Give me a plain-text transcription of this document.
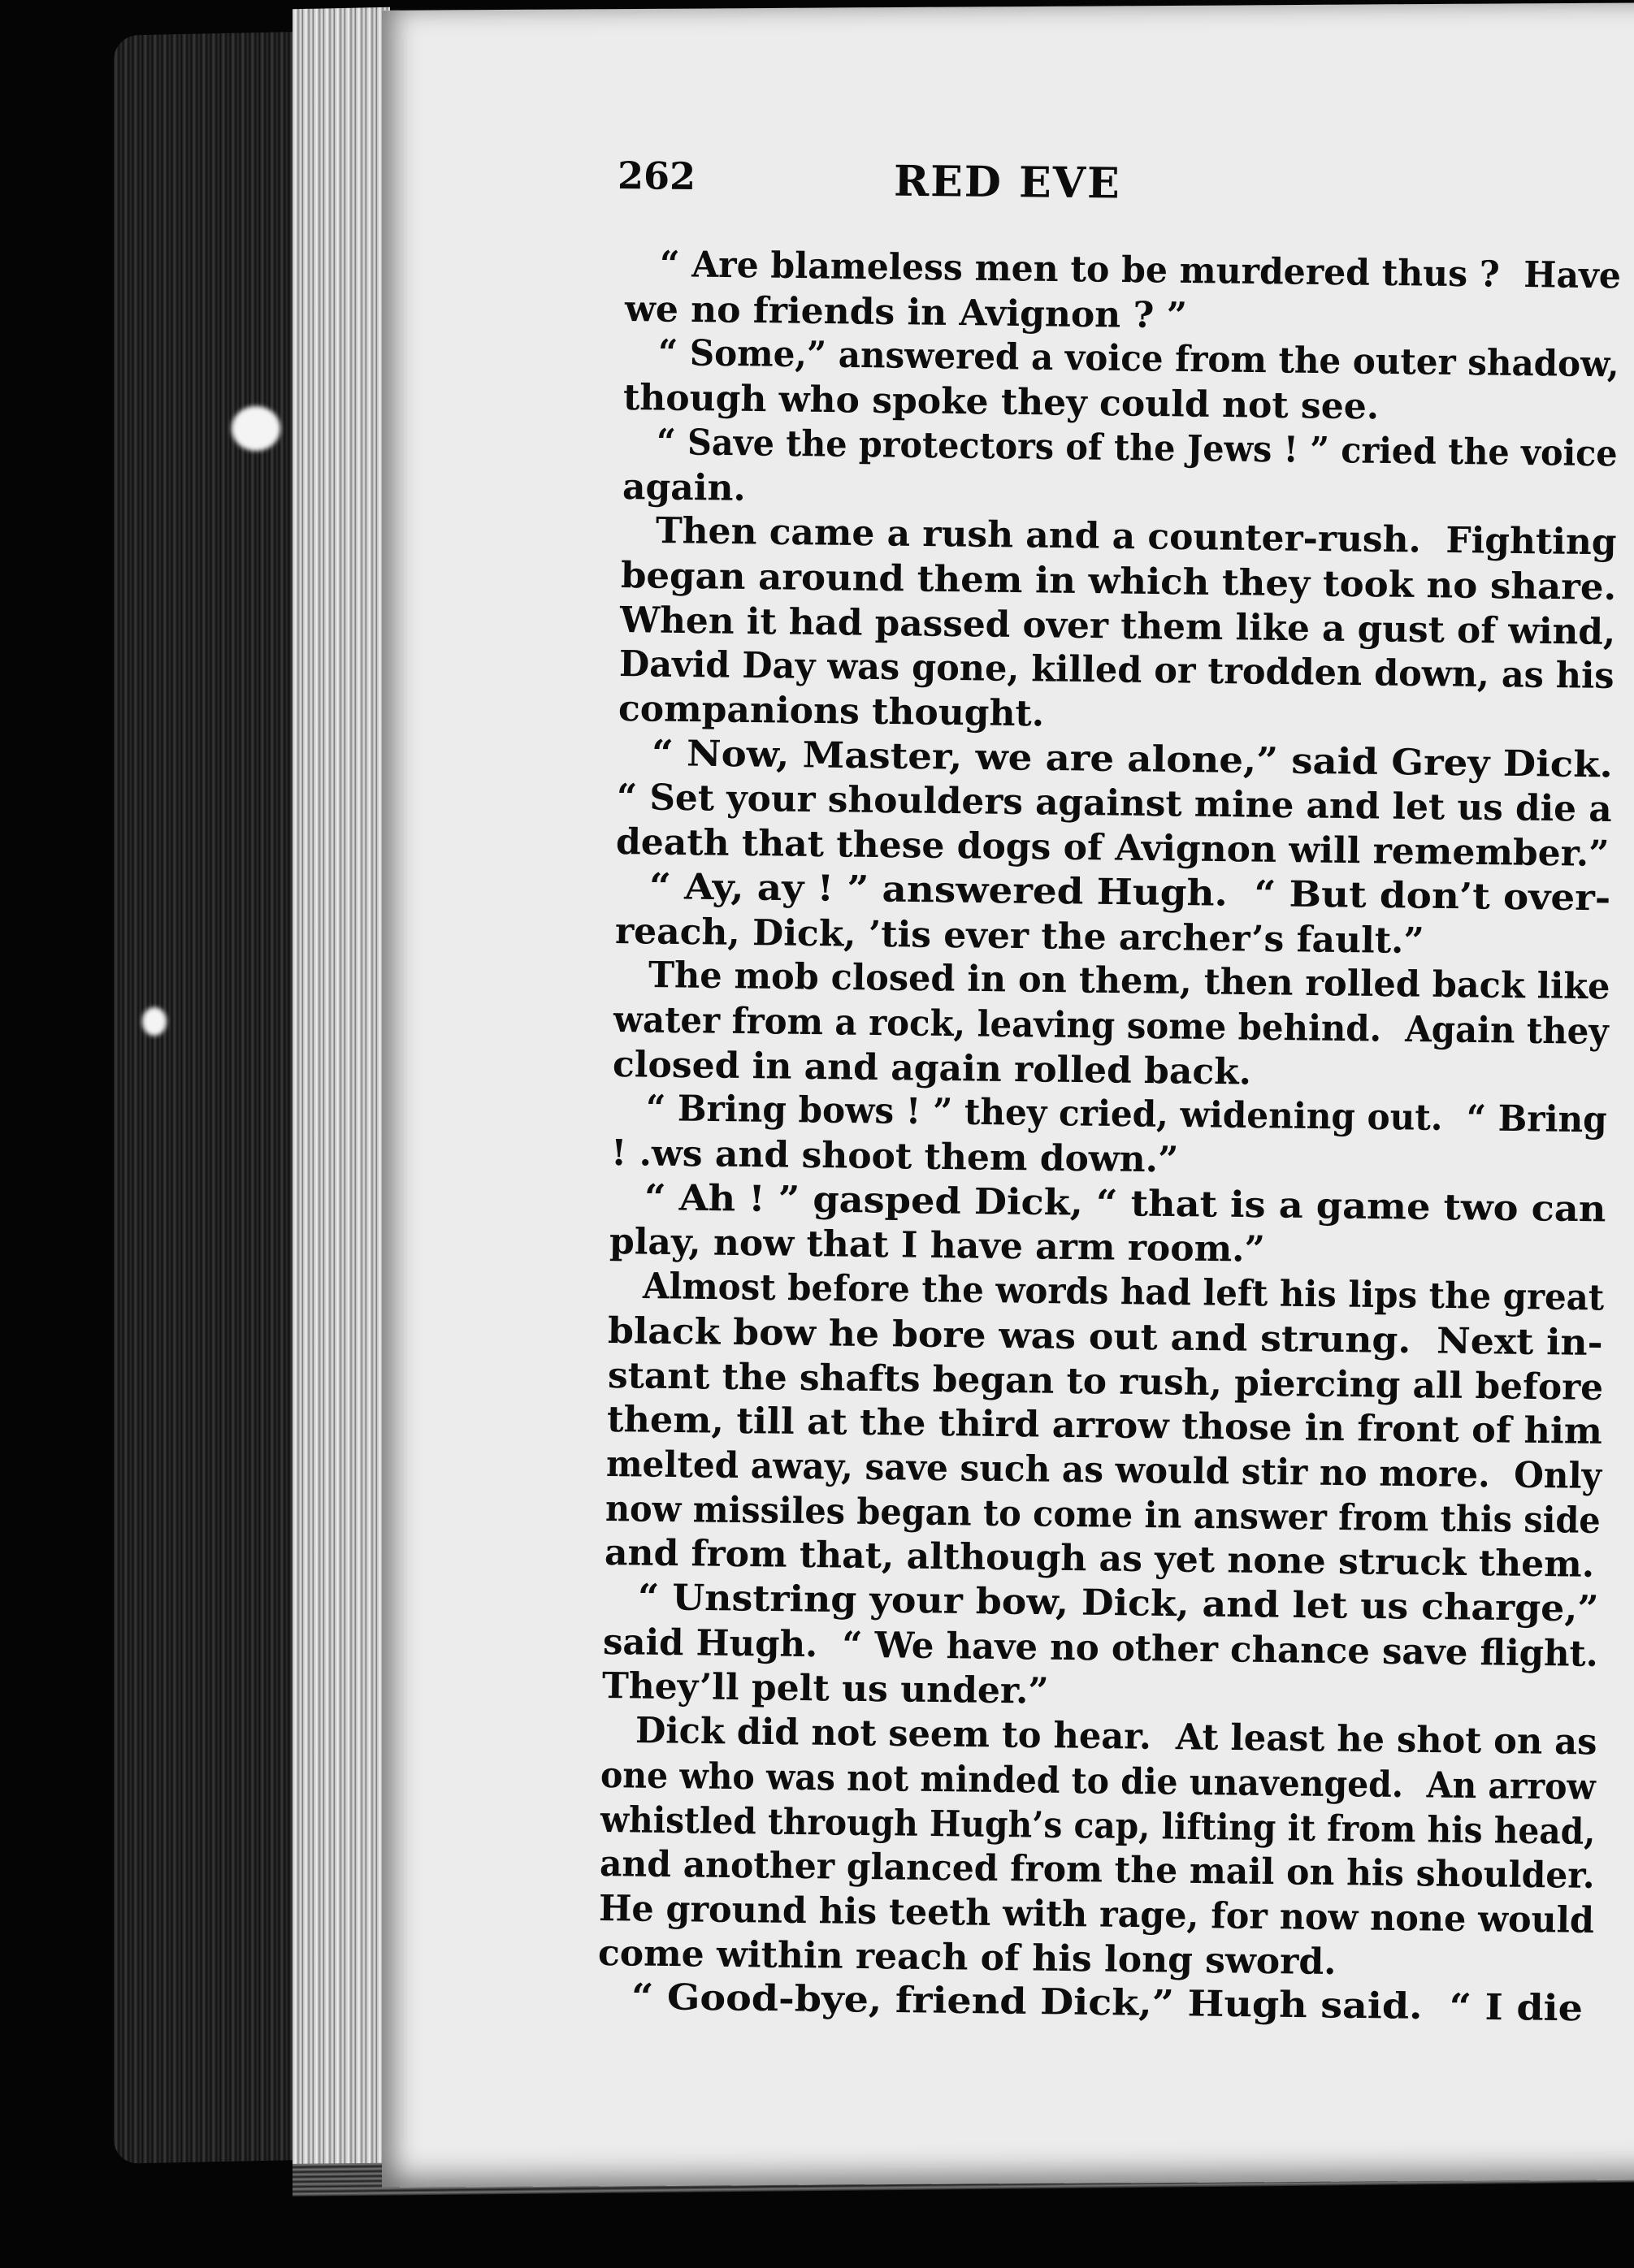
262	RED EVE

“ Are blameless men to be murdered thus ?  Have

we no friends in Avignon ? ”

“ Some,” answered a voice from the outer shadow,

though who spoke they could not see.

“ Save the protectors of the Jews ! ” cried the voice

again.

Then came a rush and a counter-rush.  Fighting

began around them in which they took no share.

When it had passed over them like a gust of wind,

David Day was gone, killed or trodden down, as his

companions thought.

“ Now, Master, we are alone,” said Grey Dick.

“ Set your shoulders against mine and let us die a

death that these dogs of Avignon will remember.”

“ Ay, ay ! ” answered Hugh.  “ But don’t over-

reach, Dick, ’tis ever the archer’s fault.”

The mob closed in on them, then rolled back like

water from a rock, leaving some behind.  Again they

closed in and again rolled back.

“ Bring bows ! ” they cried, widening out.  “ Bring

! .ws and shoot them down.”

“ Ah ! ” gasped Dick, “ that is a game two can

play, now that I have arm room.”

Almost before the words had left his lips the great

black bow he bore was out and strung.  Next in-

stant the shafts began to rush, piercing all before

them, till at the third arrow those in front of him

melted away, save such as would stir no more.  Only

now missiles began to come in answer from this side

and from that, although as yet none struck them.

“ Unstring your bow, Dick, and let us charge,”

said Hugh.  “ We have no other chance save flight.

They’ll pelt us under.”

Dick did not seem to hear.  At least he shot on as

one who was not minded to die unavenged.  An arrow

whistled through Hugh’s cap, lifting it from his head,

and another glanced from the mail on his shoulder.

He ground his teeth with rage, for now none would

come within reach of his long sword.

“ Good-bye, friend Dick,” Hugh said.  “ I die
